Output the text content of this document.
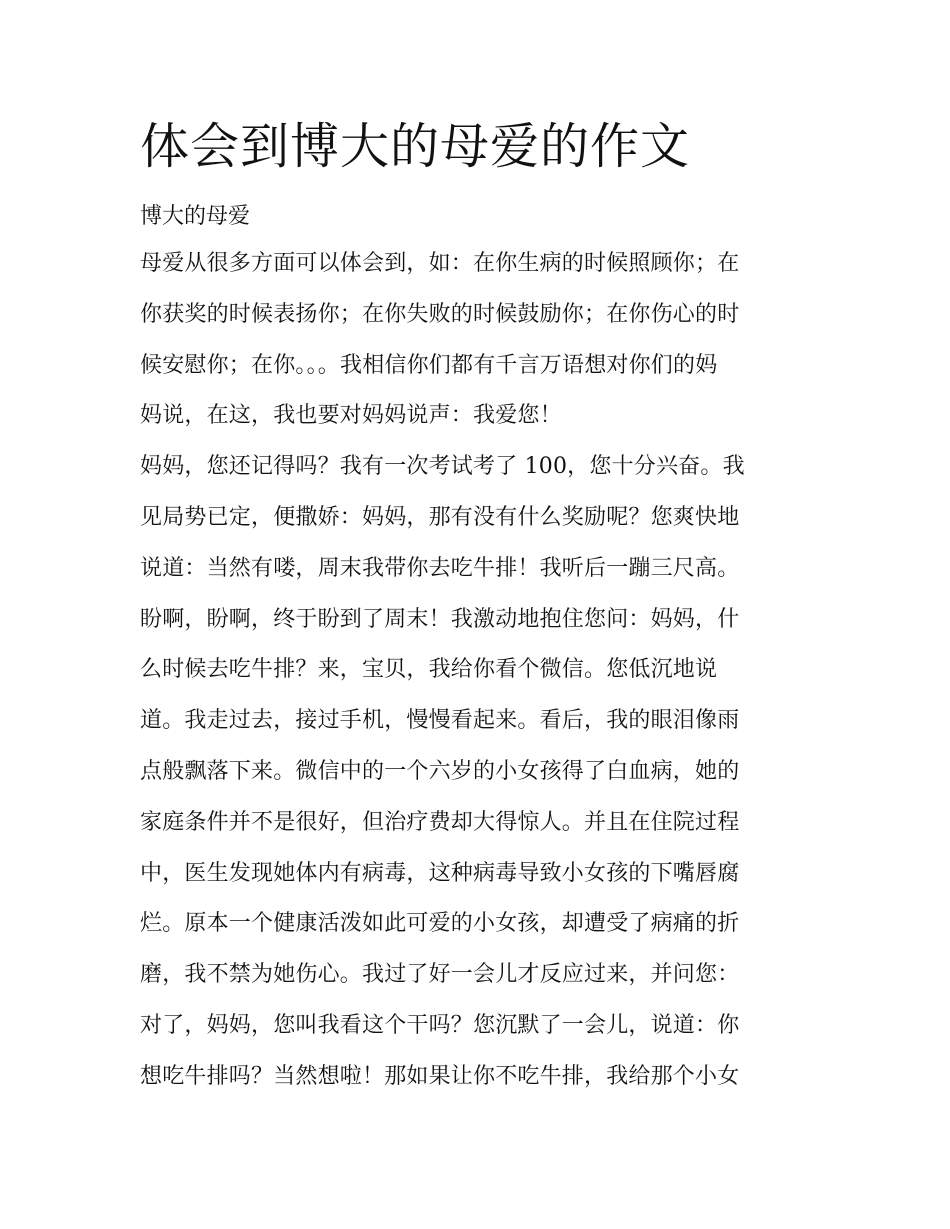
体会到博大的母爱的作文
博大的母爱

母爱从很多方面可以体会到，如：在你生病的时候照顾你；在
你获奖的时候表扬你；在你失败的时候鼓励你；在你伤心的时
候安慰你；在你。。。我相信你们都有千言万语想对你们的妈
妈说，在这，我也要对妈妈说声：我爱您！

妈妈，您还记得吗？我有一次考试考了 100，您十分兴奋。我
见局势已定，便撒娇：妈妈，那有没有什么奖励呢？您爽快地
说道：当然有喽，周末我带你去吃牛排！我听后一蹦三尺高。
盼啊，盼啊，终于盼到了周末！我激动地抱住您问：妈妈，什
么时候去吃牛排？来，宝贝，我给你看个微信。您低沉地说
道。我走过去，接过手机，慢慢看起来。看后，我的眼泪像雨
点般飘落下来。微信中的一个六岁的小女孩得了白血病，她的
家庭条件并不是很好，但治疗费却大得惊人。并且在住院过程
中，医生发现她体内有病毒，这种病毒导致小女孩的下嘴唇腐
烂。原本一个健康活泼如此可爱的小女孩，却遭受了病痛的折
磨，我不禁为她伤心。我过了好一会儿才反应过来，并问您：
对了，妈妈，您叫我看这个干吗？您沉默了一会儿，说道：你
想吃牛排吗？当然想啦！那如果让你不吃牛排，我给那个小女
